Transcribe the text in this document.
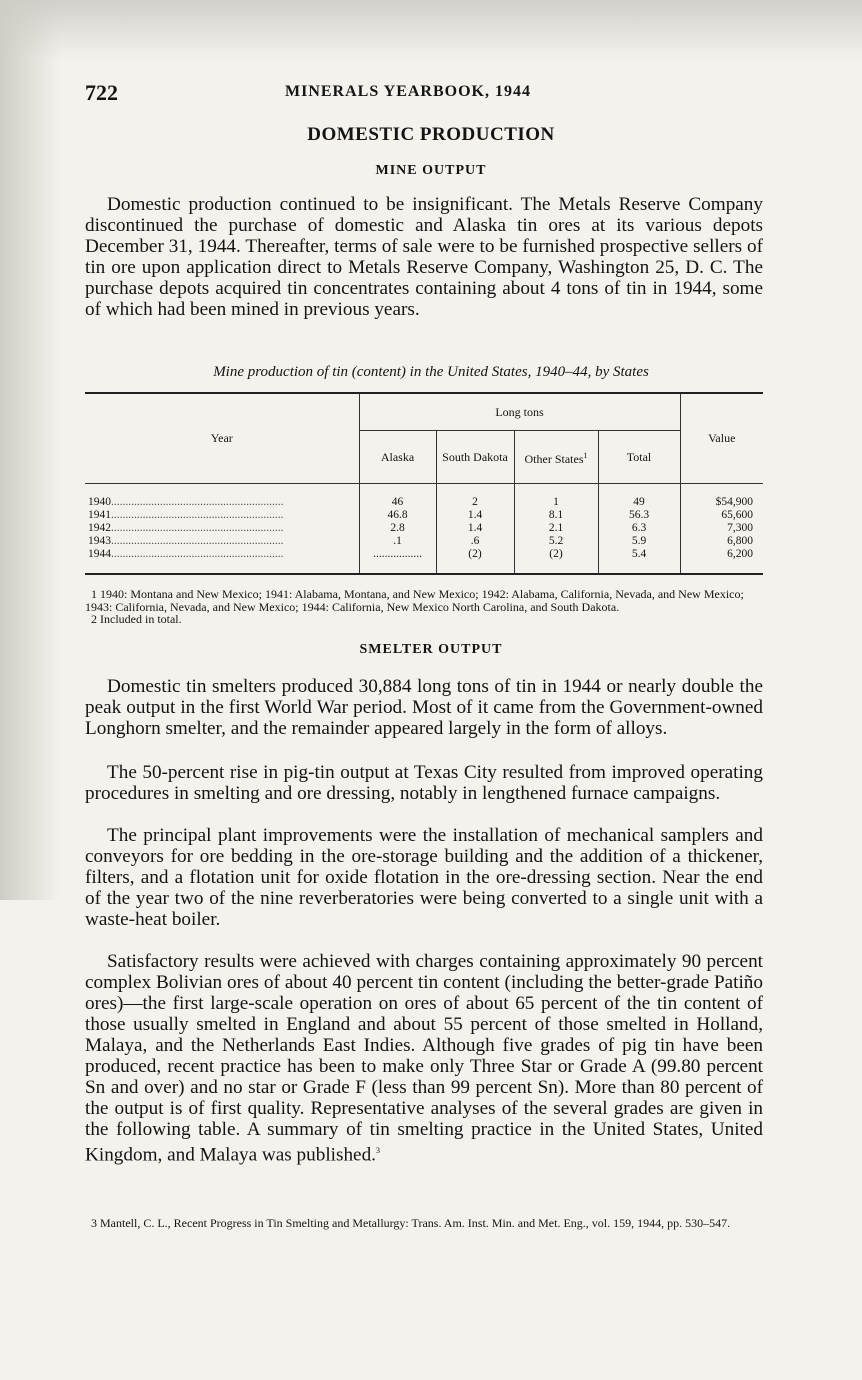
722	MINERALS YEARBOOK, 1944
DOMESTIC PRODUCTION
MINE OUTPUT

Domestic production continued to be insignificant. The Metals Reserve Company discontinued the purchase of domestic and Alaska tin ores at its various depots December 31, 1944. Thereafter, terms of sale were to be furnished prospective sellers of tin ore upon application direct to Metals Reserve Company, Washington 25, D. C. The purchase depots acquired tin concentrates containing about 4 tons of tin in 1944, some of which had been mined in previous years.

Mine production of tin (content) in the United States, 1940–44, by States
Year	Long tons				Value
	Alaska	South Dakota	Other States$^1$	Total	

1940............................................................	46	2	1	49	$54,900
1941............................................................	46.8	1.4	8.1	56.3	65,600
1942............................................................	2.8	1.4	2.1	6.3	7,300
1943............................................................	.1	.6	5.2	5.9	6,800
1944............................................................	.................	(2)	(2)	5.4	6,200

1 1940: Montana and New Mexico; 1941: Alabama, Montana, and New Mexico; 1942: Alabama, California, Nevada, and New Mexico; 1943: California, Nevada, and New Mexico; 1944: California, New Mexico North Carolina, and South Dakota.

2 Included in total.

SMELTER OUTPUT

Domestic tin smelters produced 30,884 long tons of tin in 1944 or nearly double the peak output in the first World War period. Most of it came from the Government-owned Longhorn smelter, and the remainder appeared largely in the form of alloys.

The 50-percent rise in pig-tin output at Texas City resulted from improved operating procedures in smelting and ore dressing, notably in lengthened furnace campaigns.

The principal plant improvements were the installation of mechanical samplers and conveyors for ore bedding in the ore-storage building and the addition of a thickener, filters, and a flotation unit for oxide flotation in the ore-dressing section. Near the end of the year two of the nine reverberatories were being converted to a single unit with a waste-heat boiler.

Satisfactory results were achieved with charges containing approximately 90 percent complex Bolivian ores of about 40 percent tin content (including the better-grade Patiño ores)—the first large-scale operation on ores of about 65 percent of the tin content of those usually smelted in England and about 55 percent of those smelted in Holland, Malaya, and the Netherlands East Indies. Although five grades of pig tin have been produced, recent practice has been to make only Three Star or Grade A (99.80 percent Sn and over) and no star or Grade F (less than 99 percent Sn). More than 80 percent of the output is of first quality. Representative analyses of the several grades are given in the following table. A summary of tin smelting practice in the United States, United Kingdom, and Malaya was published.$^3$

3 Mantell, C. L., Recent Progress in Tin Smelting and Metallurgy: Trans. Am. Inst. Min. and Met. Eng., vol. 159, 1944, pp. 530–547.
